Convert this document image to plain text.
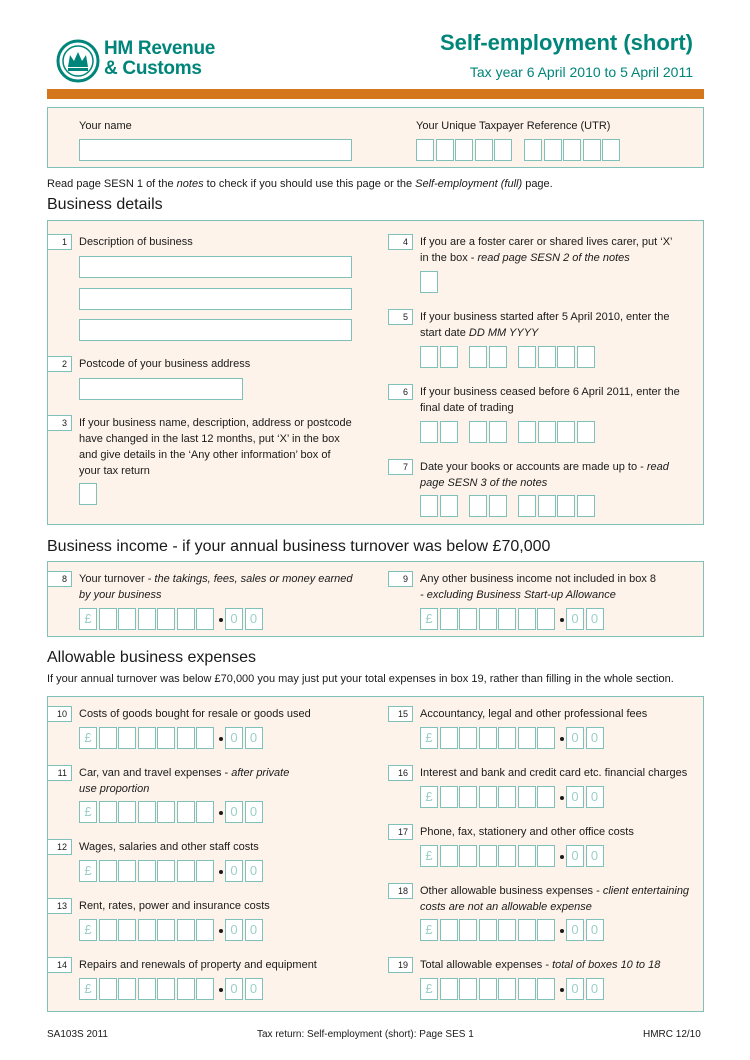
HM Revenue
& Customs
Self-employment (short)
Tax year 6 April 2010 to 5 April 2011
Your name	Your Unique Taxpayer Reference (UTR)
Read page SESN 1 of the notes to check if you should use this page or the Self-employment (full) page.
Business details
1	Description of business
2	Postcode of your business address
3	If your business name, description, address or postcode
have changed in the last 12 months, put ‘X’ in the box
and give details in the ‘Any other information’ box of
your tax return
4	If you are a foster carer or shared lives carer, put ‘X’
in the box - read page SESN 2 of the notes
5	If your business started after 5 April 2010, enter the
start date DD MM YYYY
6	If your business ceased before 6 April 2011, enter the
final date of trading
7	Date your books or accounts are made up to - read
page SESN 3 of the notes
Business income - if your annual business turnover was below £70,000
8	Your turnover - the takings, fees, sales or money earned
by your business
£	0 0
9	Any other business income not included in box 8
- excluding Business Start-up Allowance
£	0 0
Allowable business expenses
If your annual turnover was below £70,000 you may just put your total expenses in box 19, rather than filling in the whole section.
10	Costs of goods bought for resale or goods used
£	0 0
11	Car, van and travel expenses - after private
use proportion
£	0 0
12	Wages, salaries and other staff costs
£	0 0
13	Rent, rates, power and insurance costs
£	0 0
14	Repairs and renewals of property and equipment
£	0 0
15	Accountancy, legal and other professional fees
£	0 0
16	Interest and bank and credit card etc. financial charges
£	0 0
17	Phone, fax, stationery and other office costs
£	0 0
18	Other allowable business expenses - client entertaining
costs are not an allowable expense
£	0 0
19	Total allowable expenses - total of boxes 10 to 18
£	0 0
SA103S 2011	Tax return: Self-employment (short): Page SES 1	HMRC 12/10
